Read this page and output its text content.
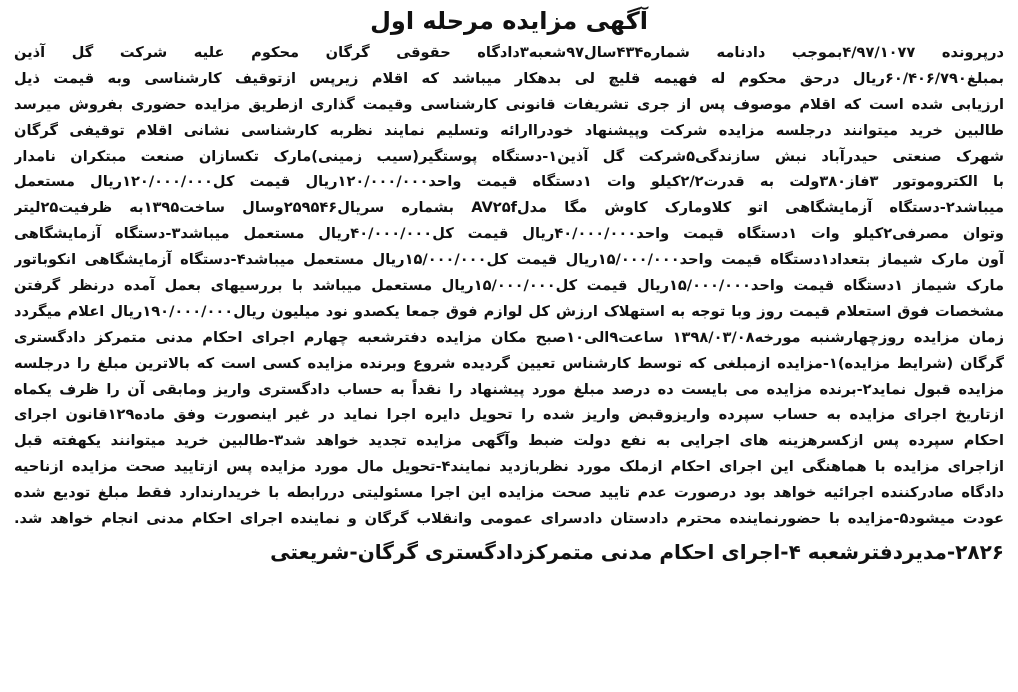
آگهی مزایده مرحله اول
درپرونده ۴/۹۷/۱۰۷۷بموجب دادنامه شماره۴۳۴سال۹۷شعبه۳دادگاه حقوقی گرگان محکوم علیه شرکت گل آذین
بمبلغ۶۰/۴۰۶/۷۹۰ریال درحق محکوم له فهیمه قلیچ لی بدهکار میباشد که اقلام زیرپس ازتوقیف کارشناسی وبه قیمت ذیل
ارزیابی شده است که اقلام موصوف پس از جری تشریفات قانونی کارشناسی وقیمت گذاری ازطریق مزایده حضوری بفروش میرسد
طالبین خرید میتوانند درجلسه مزایده شرکت وپیشنهاد خودراارائه وتسلیم نمایند نظربه کارشناسی نشانی اقلام توقیفی گرگان
شهرک صنعتی حیدرآباد نبش سازندگی۵شرکت گل آذین۱-دستگاه پوستگیر(سیب زمینی)مارک تکسازان صنعت مبتکران نامدار
با الکتروموتور ۳فاز۳۸۰ولت به قدرت۲/۲کیلو وات ۱دستگاه قیمت واحد۱۲۰/۰۰۰/۰۰۰ریال قیمت کل۱۲۰/۰۰۰/۰۰۰ریال مستعمل
میباشد۲-دستگاه آزمایشگاهی اتو کلاومارک کاوش مگا مدلAV۲۵f بشماره سریال۲۵۹۵۴۶وسال ساخت۱۳۹۵به ظرفیت۲۵لیتر
وتوان مصرفی۲کیلو وات ۱دستگاه قیمت واحد۴۰/۰۰۰/۰۰۰ریال قیمت کل۴۰/۰۰۰/۰۰۰ریال مستعمل میباشد۳-دستگاه آزمایشگاهی
آون مارک شیماز بتعداد۱دستگاه قیمت واحد۱۵/۰۰۰/۰۰۰ریال قیمت کل۱۵/۰۰۰/۰۰۰ریال مستعمل میباشد۴-دستگاه آزمایشگاهی انکوباتور
مارک شیماز ۱دستگاه قیمت واحد۱۵/۰۰۰/۰۰۰ریال قیمت کل۱۵/۰۰۰/۰۰۰ریال مستعمل میباشد با بررسیهای بعمل آمده درنظر گرفتن
مشخصات فوق استعلام قیمت روز وبا توجه به استهلاک ارزش کل لوازم فوق جمعا یکصدو نود میلیون ریال۱۹۰/۰۰۰/۰۰۰ریال اعلام میگردد
زمان مزایده روزچهارشنبه مورخه۱۳۹۸/۰۳/۰۸ ساعت۹الی۱۰صبح مکان مزایده دفترشعبه چهارم اجرای احکام مدنی متمرکز دادگستری
گرگان (شرایط مزایده)۱-مزایده ازمبلغی که توسط کارشناس تعیین گردیده شروع وبرنده مزایده کسی است که بالاترین مبلغ را درجلسه
مزایده قبول نماید۲-برنده مزایده می بایست ده درصد مبلغ مورد پیشنهاد را نقداً به حساب دادگستری واریز ومابقی آن را ظرف یکماه
ازتاریخ اجرای مزایده به حساب سپرده واریزوقبض واریز شده را تحویل دایره اجرا نماید در غیر اینصورت وفق ماده۱۲۹قانون اجرای
احکام سپرده پس ازکسرهزینه های اجرایی به نفع دولت ضبط وآگهی مزایده تجدید خواهد شد۳-طالبین خرید میتوانند یکهفته قبل
ازاجرای مزایده با هماهنگی این اجرای احکام ازملک مورد نظربازدید نمایند۴-تحویل مال مورد مزایده پس ازتایید صحت مزایده ازناحیه
دادگاه صادرکننده اجرائیه خواهد بود درصورت عدم تایید صحت مزایده این اجرا مسئولیتی دررابطه با خریدارندارد فقط مبلغ تودیع شده
عودت میشود۵-مزایده با حضورنماینده محترم دادستان دادسرای عمومی وانقلاب گرگان و نماینده اجرای احکام مدنی انجام خواهد شد.
۲۸۲۶-مدیردفترشعبه ۴-اجرای احکام مدنی متمرکزدادگستری گرگان-شریعتی
